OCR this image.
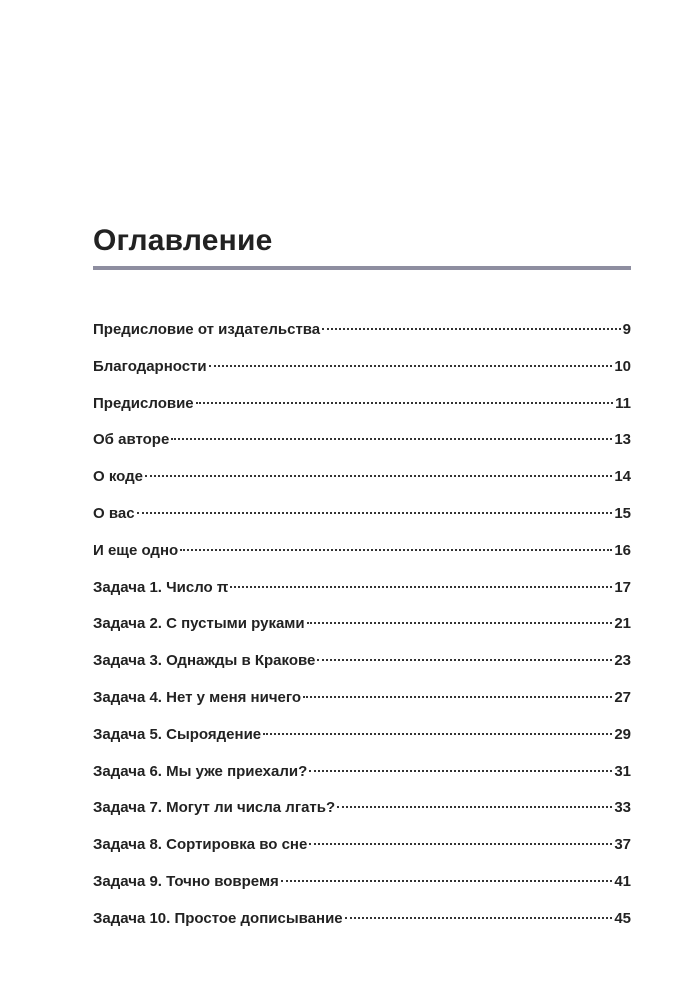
Оглавление
Предисловие от издательства	9
Благодарности	10
Предисловие	11
Об авторе	13
О коде	14
О вас	15
И еще одно	16
Задача 1. Число π	17
Задача 2. С пустыми руками	21
Задача 3. Однажды в Кракове	23
Задача 4. Нет у меня ничего	27
Задача 5. Сыроядение	29
Задача 6. Мы уже приехали?	31
Задача 7. Могут ли числа лгать?	33
Задача 8. Сортировка во сне	37
Задача 9. Точно вовремя	41
Задача 10. Простое дописывание	45
